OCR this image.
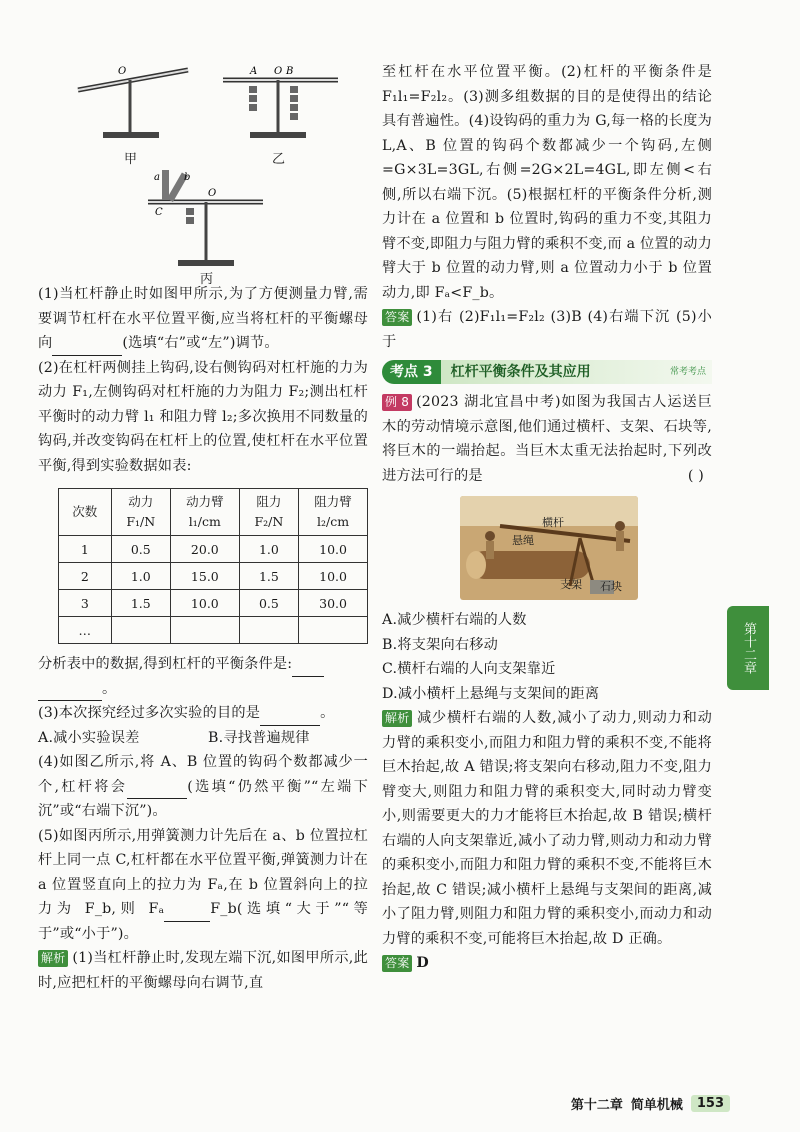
O	A O B
a b
C
O
甲	乙
丙

(1)当杠杆静止时如图甲所示,为了方便测量力臂,需要调节杠杆在水平位置平衡,应当将杠杆的平衡螺母向	(选填“右”或“左”)调节。

(2)在杠杆两侧挂上钩码,设右侧钩码对杠杆施的力为动力 F₁,左侧钩码对杠杆施的力为阻力 F₂;测出杠杆平衡时的动力臂 l₁ 和阻力臂 l₂;多次换用不同数量的钩码,并改变钩码在杠杆上的位置,使杠杆在水平位置平衡,得到实验数据如表:

次数	动力 F₁/N	动力臂 l₁/cm	阻力 F₂/N	阻力臂 l₂/cm
1	0.5	20.0	1.0	10.0
2	1.0	15.0	1.5	10.0
3	1.5	10.0	0.5	30.0
…				

分析表中的数据,得到杠杆的平衡条件是:
。

(3)本次探究经过多次实验的目的是	。

A.减小实验误差	B.寻找普遍规律

(4)如图乙所示,将 A、B 位置的钩码个数都减少一个,杠杆将会	(选填“仍然平衡”“左端下沉”或“右端下沉”)。

(5)如图丙所示,用弹簧测力计先后在 a、b 位置拉杠杆上同一点 C,杠杆都在水平位置平衡,弹簧测力计在 a 位置竖直向上的拉力为 Fₐ,在 b 位置斜向上的拉力为 F_b,则 Fₐ	F_b(选填“大于”“等于”或“小于”)。

解析 (1)当杠杆静止时,发现左端下沉,如图甲所示,此时,应把杠杆的平衡螺母向右调节,直

至杠杆在水平位置平衡。(2)杠杆的平衡条件是 F₁l₁=F₂l₂。(3)测多组数据的目的是使得出的结论具有普遍性。(4)设钩码的重力为 G,每一格的长度为 L,A、B 位置的钩码个数都减少一个钩码,左侧=G×3L=3GL,右侧=2G×2L=4GL,即左侧<右侧,所以右端下沉。(5)根据杠杆的平衡条件分析,测力计在 a 位置和 b 位置时,钩码的重力不变,其阻力臂不变,即阻力与阻力臂的乘积不变,而 a 位置的动力臂大于 b 位置的动力臂,则 a 位置动力小于 b 位置动力,即 Fₐ<F_b。

答案 (1)右 (2)F₁l₁=F₂l₂ (3)B (4)右端下沉 (5)小于

考点 3	杠杆平衡条件及其应用	常考考点

例 8 (2023 湖北宜昌中考)如图为我国古人运送巨木的劳动情境示意图,他们通过横杆、支架、石块等,将巨木的一端抬起。当巨木太重无法抬起时,下列改进方法可行的是	( )

横杆
悬绳
支架 石块

A.减少横杆右端的人数

B.将支架向右移动

C.横杆右端的人向支架靠近

D.减小横杆上悬绳与支架间的距离

解析 减少横杆右端的人数,减小了动力,则动力和动力臂的乘积变小,而阻力和阻力臂的乘积不变,不能将巨木抬起,故 A 错误;将支架向右移动,阻力不变,阻力臂变大,则阻力和阻力臂的乘积变大,同时动力臂变小,则需要更大的力才能将巨木抬起,故 B 错误;横杆右端的人向支架靠近,减小了动力臂,则动力和动力臂的乘积变小,而阻力和阻力臂的乘积不变,不能将巨木抬起,故 C 错误;减小横杆上悬绳与支架间的距离,减小了阻力臂,则阻力和阻力臂的乘积变小,而动力和动力臂的乘积不变,可能将巨木抬起,故 D 正确。

答案 D

第十二章
第十二章 简单机械	153
